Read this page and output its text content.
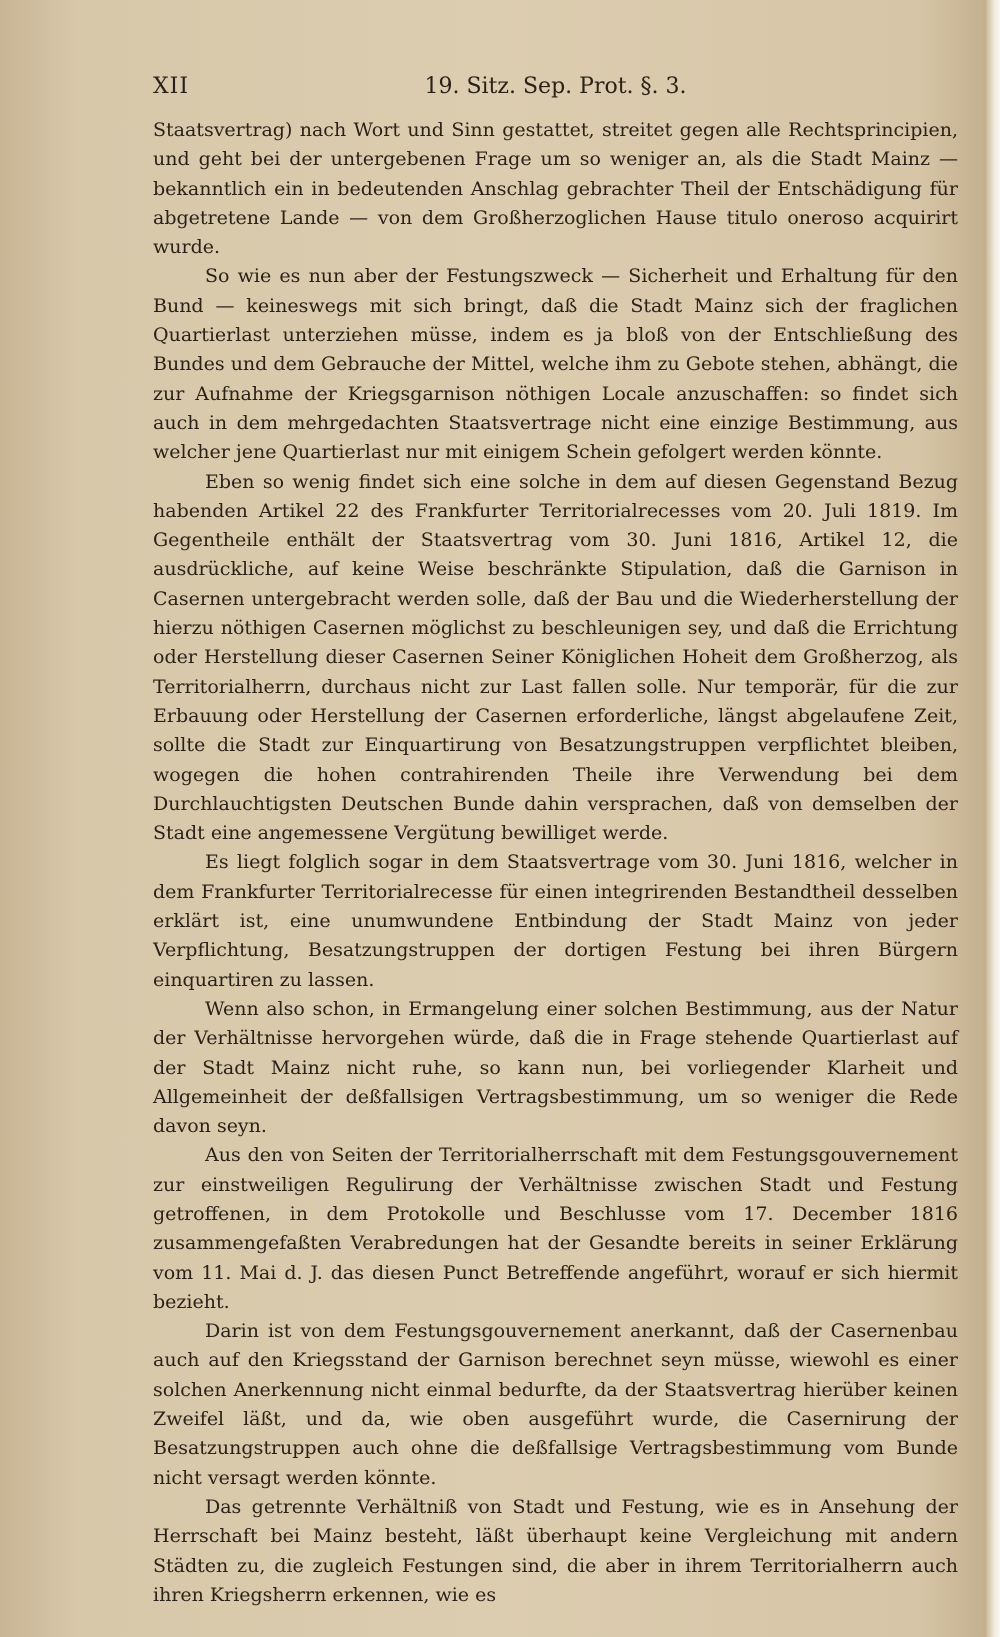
XII	19. Sitz. Sep. Prot. §. 3.

Staatsvertrag) nach Wort und Sinn gestattet, streitet gegen alle Rechtsprincipien, und geht bei der untergebenen Frage um so weniger an, als die Stadt Mainz — bekanntlich ein in bedeutenden Anschlag gebrachter Theil der Entschädigung für abgetretene Lande — von dem Großherzoglichen Hause titulo oneroso acquirirt wurde.

So wie es nun aber der Festungszweck — Sicherheit und Erhaltung für den Bund — keineswegs mit sich bringt, daß die Stadt Mainz sich der fraglichen Quartierlast unterziehen müsse, indem es ja bloß von der Entschließung des Bundes und dem Gebrauche der Mittel, welche ihm zu Gebote stehen, abhängt, die zur Aufnahme der Kriegsgarnison nöthigen Locale anzuschaffen: so findet sich auch in dem mehrgedachten Staatsvertrage nicht eine einzige Bestimmung, aus welcher jene Quartierlast nur mit einigem Schein gefolgert werden könnte.

Eben so wenig findet sich eine solche in dem auf diesen Gegenstand Bezug habenden Artikel 22 des Frankfurter Territorialrecesses vom 20. Juli 1819. Im Gegentheile enthält der Staatsvertrag vom 30. Juni 1816, Artikel 12, die ausdrückliche, auf keine Weise beschränkte Stipulation, daß die Garnison in Casernen untergebracht werden solle, daß der Bau und die Wiederherstellung der hierzu nöthigen Casernen möglichst zu beschleunigen sey, und daß die Errichtung oder Herstellung dieser Casernen Seiner Königlichen Hoheit dem Großherzog, als Territorialherrn, durchaus nicht zur Last fallen solle. Nur temporär, für die zur Erbauung oder Herstellung der Casernen erforderliche, längst abgelaufene Zeit, sollte die Stadt zur Einquartirung von Besatzungstruppen verpflichtet bleiben, wogegen die hohen contrahirenden Theile ihre Verwendung bei dem Durchlauchtigsten Deutschen Bunde dahin versprachen, daß von demselben der Stadt eine angemessene Vergütung bewilliget werde.

Es liegt folglich sogar in dem Staatsvertrage vom 30. Juni 1816, welcher in dem Frankfurter Territorialrecesse für einen integrirenden Bestandtheil desselben erklärt ist, eine unumwundene Entbindung der Stadt Mainz von jeder Verpflichtung, Besatzungstruppen der dortigen Festung bei ihren Bürgern einquartiren zu lassen.

Wenn also schon, in Ermangelung einer solchen Bestimmung, aus der Natur der Verhältnisse hervorgehen würde, daß die in Frage stehende Quartierlast auf der Stadt Mainz nicht ruhe, so kann nun, bei vorliegender Klarheit und Allgemeinheit der deßfallsigen Vertragsbestimmung, um so weniger die Rede davon seyn.

Aus den von Seiten der Territorialherrschaft mit dem Festungsgouvernement zur einstweiligen Regulirung der Verhältnisse zwischen Stadt und Festung getroffenen, in dem Protokolle und Beschlusse vom 17. December 1816 zusammengefaßten Verabredungen hat der Gesandte bereits in seiner Erklärung vom 11. Mai d. J. das diesen Punct Betreffende angeführt, worauf er sich hiermit bezieht.

Darin ist von dem Festungsgouvernement anerkannt, daß der Casernenbau auch auf den Kriegsstand der Garnison berechnet seyn müsse, wiewohl es einer solchen Anerkennung nicht einmal bedurfte, da der Staatsvertrag hierüber keinen Zweifel läßt, und da, wie oben ausgeführt wurde, die Casernirung der Besatzungstruppen auch ohne die deßfallsige Vertragsbestimmung vom Bunde nicht versagt werden könnte.

Das getrennte Verhältniß von Stadt und Festung, wie es in Ansehung der Herrschaft bei Mainz besteht, läßt überhaupt keine Vergleichung mit andern Städten zu, die zugleich Festungen sind, die aber in ihrem Territorialherrn auch ihren Kriegsherrn erkennen, wie es
